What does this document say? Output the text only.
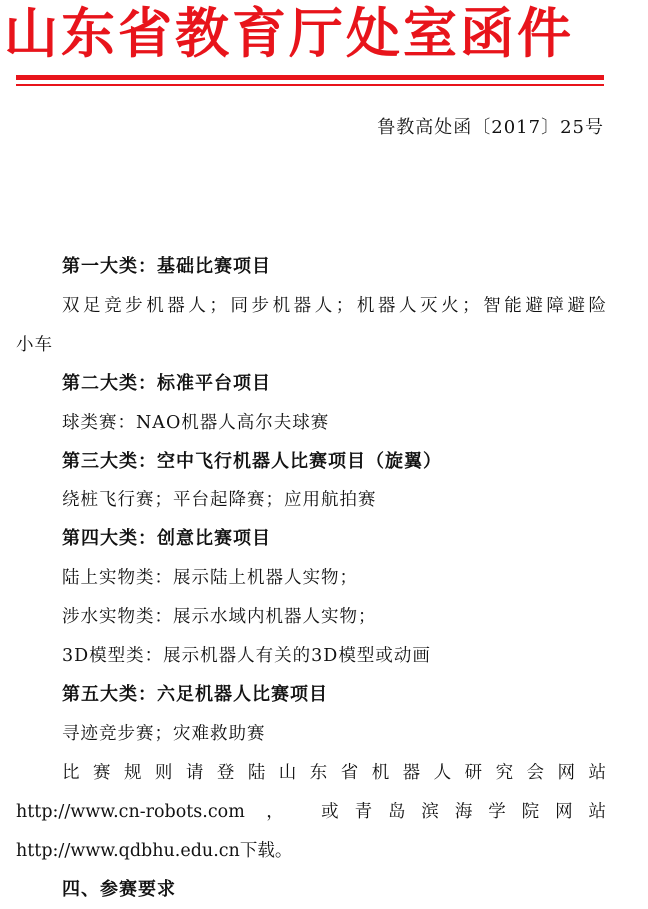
山东省教育厅处室函件
鲁教高处函〔2017〕25号

第一大类：基础比赛项目

双足竞步机器人；同步机器人；机器人灭火；智能避障避险

小车

第二大类：标准平台项目

球类赛：NAO机器人高尔夫球赛

第三大类：空中飞行机器人比赛项目（旋翼）

绕桩飞行赛；平台起降赛；应用航拍赛

第四大类：创意比赛项目

陆上实物类：展示陆上机器人实物；

涉水实物类：展示水域内机器人实物；

3D模型类：展示机器人有关的3D模型或动画

第五大类：六足机器人比赛项目

寻迹竞步赛；灾难救助赛

比赛规则请登陆山东省机器人研究会网站

http://www.cn-robots.com ， 或青岛滨海学院网站

http://www.qdbhu.edu.cn下载。

四、参赛要求
